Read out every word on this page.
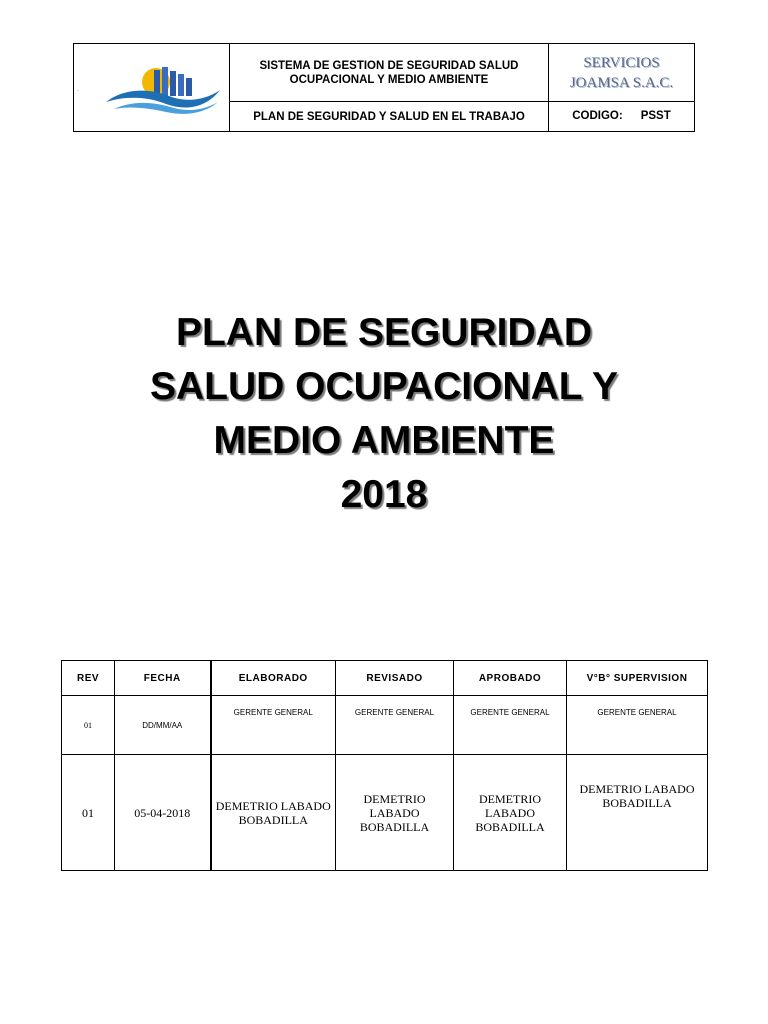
·
SISTEMA DE GESTION DE SEGURIDAD SALUD
OCUPACIONAL Y MEDIO AMBIENTE
PLAN DE SEGURIDAD Y SALUD EN EL TRABAJO
SERVICIOS
JOAMSA S.A.C.
CODIGO: PSST
PLAN DE SEGURIDAD
SALUD OCUPACIONAL Y
MEDIO AMBIENTE
2018
REV	FECHA	ELABORADO	REVISADO	APROBADO	V°B° SUPERVISION
01	DD/MM/AA	GERENTE GENERAL	GERENTE GENERAL	GERENTE GENERAL	GERENTE GENERAL
01	05-04-2018	DEMETRIO LABADO BOBADILLA	DEMETRIO LABADO BOBADILLA	DEMETRIO LABADO BOBADILLA	DEMETRIO LABADO BOBADILLA
